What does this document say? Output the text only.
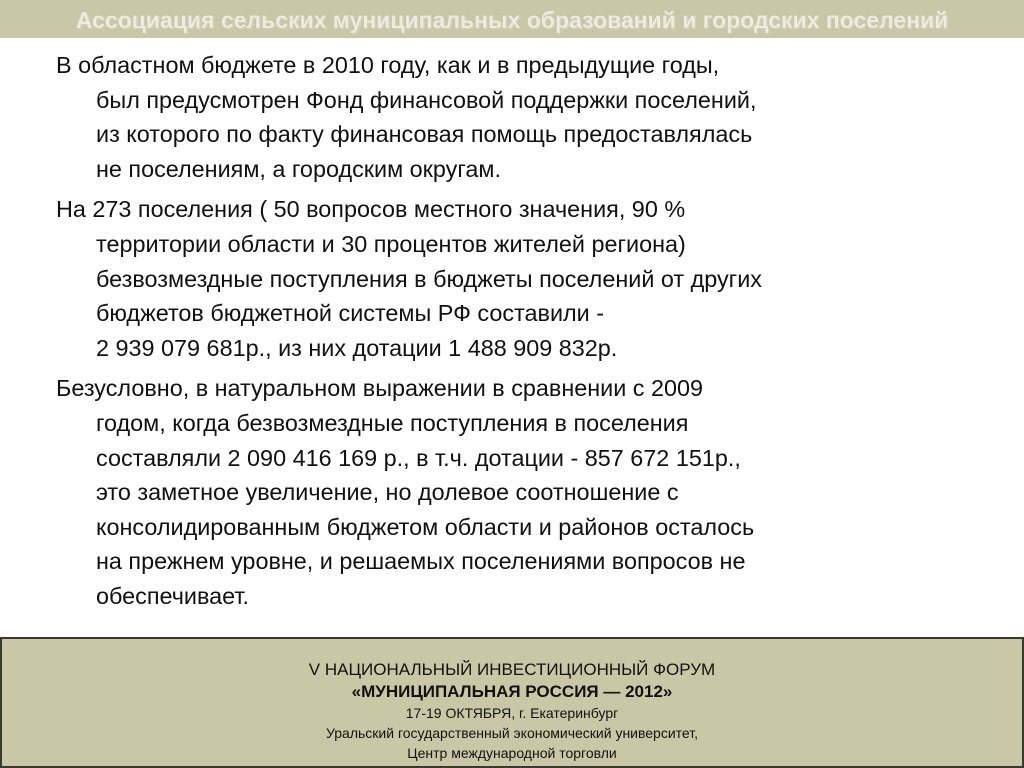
Ассоциация сельских муниципальных образований и городских поселений
В областном бюджете в 2010 году, как и в предыдущие годы,
был предусмотрен Фонд финансовой поддержки поселений,
из которого по факту финансовая помощь предоставлялась
не поселениям, а городским округам.
На 273 поселения ( 50 вопросов местного значения, 90 %
территории области и 30 процентов жителей региона)
безвозмездные поступления в бюджеты поселений от других
бюджетов бюджетной системы РФ составили -
2 939 079 681р., из них дотации 1 488 909 832р.
Безусловно, в натуральном выражении в сравнении с 2009
годом, когда безвозмездные поступления в поселения
составляли 2 090 416 169 р., в т.ч. дотации - 857 672 151р.,
это заметное увеличение, но долевое соотношение с
консолидированным бюджетом области и районов осталось
на прежнем уровне, и решаемых поселениями вопросов не
обеспечивает.
V НАЦИОНАЛЬНЫЙ ИНВЕСТИЦИОННЫЙ ФОРУМ
«МУНИЦИПАЛЬНАЯ РОССИЯ — 2012»
17-19 ОКТЯБРЯ, г. Екатеринбург
Уральский государственный экономический университет,
Центр международной торговли
